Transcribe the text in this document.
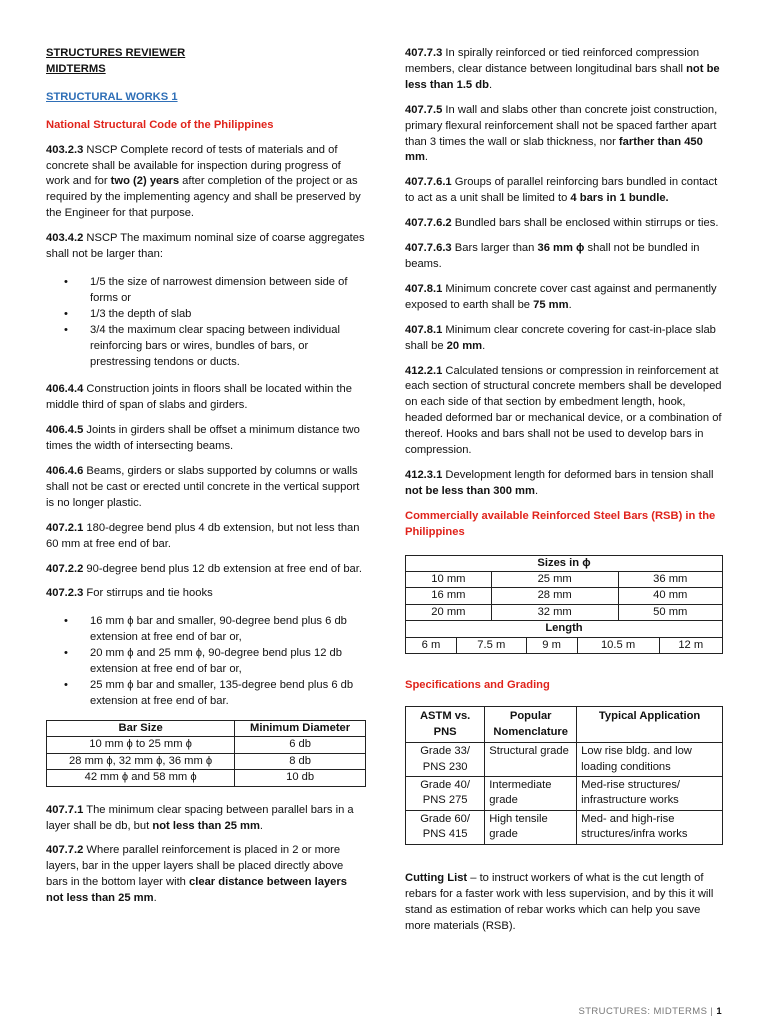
STRUCTURES REVIEWER
MIDTERMS
STRUCTURAL WORKS 1
National Structural Code of the Philippines
403.2.3 NSCP Complete record of tests of materials and of concrete shall be available for inspection during progress of work and for two (2) years after completion of the project or as required by the implementing agency and shall be preserved by the Engineer for that purpose.
403.4.2 NSCP The maximum nominal size of coarse aggregates shall not be larger than:
• 1/5 the size of narrowest dimension between side of forms or
• 1/3 the depth of slab
• 3/4 the maximum clear spacing between individual reinforcing bars or wires, bundles of bars, or prestressing tendons or ducts.
406.4.4 Construction joints in floors shall be located within the middle third of span of slabs and girders.
406.4.5 Joints in girders shall be offset a minimum distance two times the width of intersecting beams.
406.4.6 Beams, girders or slabs supported by columns or walls shall not be cast or erected until concrete in the vertical support is no longer plastic.
407.2.1 180-degree bend plus 4 db extension, but not less than 60 mm at free end of bar.
407.2.2 90-degree bend plus 12 db extension at free end of bar.
407.2.3 For stirrups and tie hooks
• 16 mm ϕ bar and smaller, 90-degree bend plus 6 db extension at free end of bar or,
• 20 mm ϕ and 25 mm ϕ, 90-degree bend plus 12 db extension at free end of bar or,
• 25 mm ϕ bar and smaller, 135-degree bend plus 6 db extension at free end of bar.
Bar Size	Minimum Diameter
10 mm ϕ to 25 mm ϕ	6 db
28 mm ϕ, 32 mm ϕ, 36 mm ϕ	8 db
42 mm ϕ and 58 mm ϕ	10 db
407.7.1 The minimum clear spacing between parallel bars in a layer shall be db, but not less than 25 mm.
407.7.2 Where parallel reinforcement is placed in 2 or more layers, bar in the upper layers shall be placed directly above bars in the bottom layer with clear distance between layers not less than 25 mm.
407.7.3 In spirally reinforced or tied reinforced compression members, clear distance between longitudinal bars shall not be less than 1.5 db.
407.7.5 In wall and slabs other than concrete joist construction, primary flexural reinforcement shall not be spaced farther apart than 3 times the wall or slab thickness, nor farther than 450 mm.
407.7.6.1 Groups of parallel reinforcing bars bundled in contact to act as a unit shall be limited to 4 bars in 1 bundle.
407.7.6.2 Bundled bars shall be enclosed within stirrups or ties.
407.7.6.3 Bars larger than 36 mm ϕ shall not be bundled in beams.
407.8.1 Minimum concrete cover cast against and permanently exposed to earth shall be 75 mm.
407.8.1 Minimum clear concrete covering for cast-in-place slab shall be 20 mm.
412.2.1 Calculated tensions or compression in reinforcement at each section of structural concrete members shall be developed on each side of that section by embedment length, hook, headed deformed bar or mechanical device, or a combination of thereof. Hooks and bars shall not be used to develop bars in compression.
412.3.1 Development length for deformed bars in tension shall not be less than 300 mm.
Commercially available Reinforced Steel Bars (RSB) in the Philippines
Sizes in ϕ						
10 mm		25 mm			36 mm	
16 mm		28 mm			40 mm	
20 mm		32 mm			50 mm	
Length						
6 m	7.5 m		9 m	10.5 m		12 m
Specifications and Grading
ASTM vs. PNS	Popular Nomenclature	Typical Application
Grade 33/ PNS 230	Structural grade	Low rise bldg. and low loading conditions
Grade 40/ PNS 275	Intermediate grade	Med-rise structures/ infrastructure works
Grade 60/ PNS 415	High tensile grade	Med- and high-rise structures/infra works
Cutting List – to instruct workers of what is the cut length of rebars for a faster work with less supervision, and by this it will stand as estimation of rebar works which can help you save more materials (RSB).
STRUCTURES: MIDTERMS | 1
